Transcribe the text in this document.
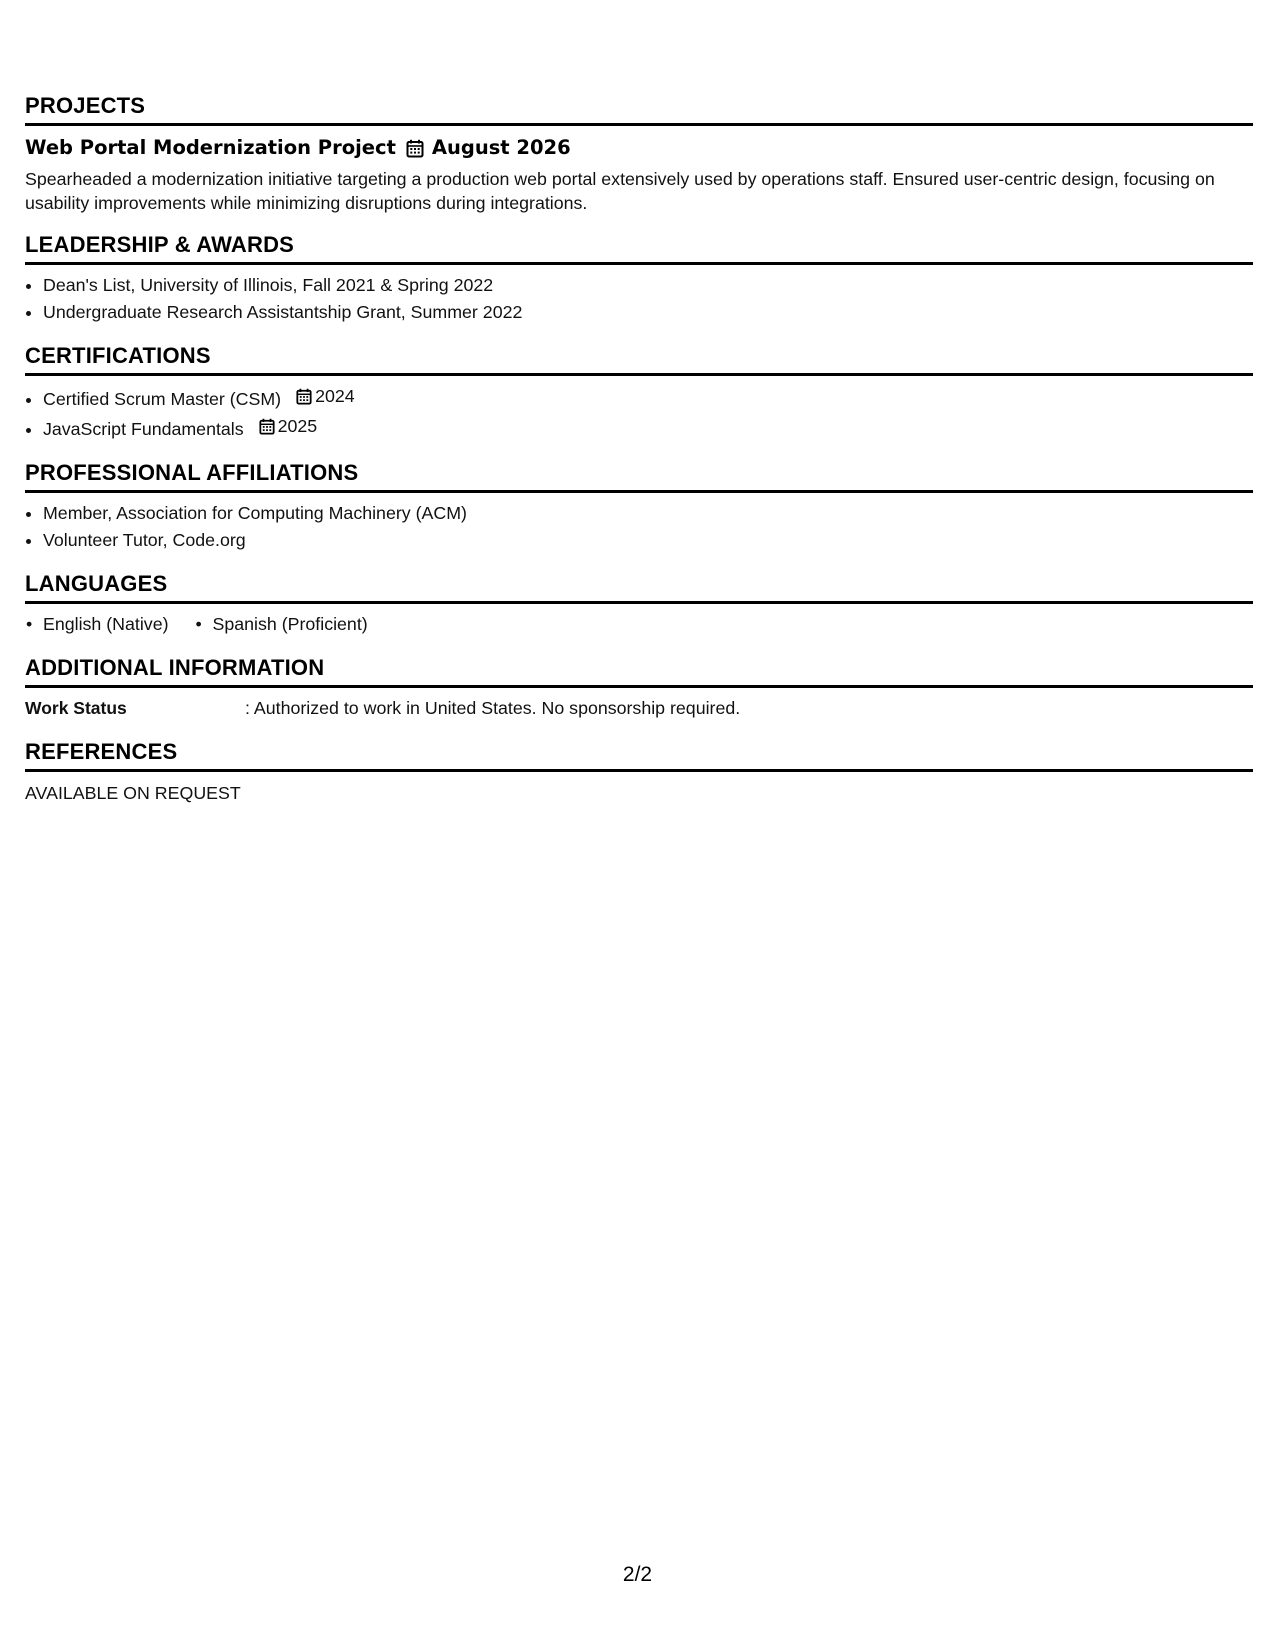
PROJECTS
Web Portal Modernization Project August 2026

Spearheaded a modernization initiative targeting a production web portal extensively used by operations staff. Ensured user-centric design, focusing on usability improvements while minimizing disruptions during integrations.

LEADERSHIP & AWARDS
• Dean's List, University of Illinois, Fall 2021 & Spring 2022
• Undergraduate Research Assistantship Grant, Summer 2022
CERTIFICATIONS
• Certified Scrum Master (CSM) 2024
• JavaScript Fundamentals 2025
PROFESSIONAL AFFILIATIONS
• Member, Association for Computing Machinery (ACM)
• Volunteer Tutor, Code.org
LANGUAGES
• English (Native)
•	Spanish (Proficient)
ADDITIONAL INFORMATION
Work Status	: Authorized to work in United States. No sponsorship required.
REFERENCES
AVAILABLE ON REQUEST
2/2
